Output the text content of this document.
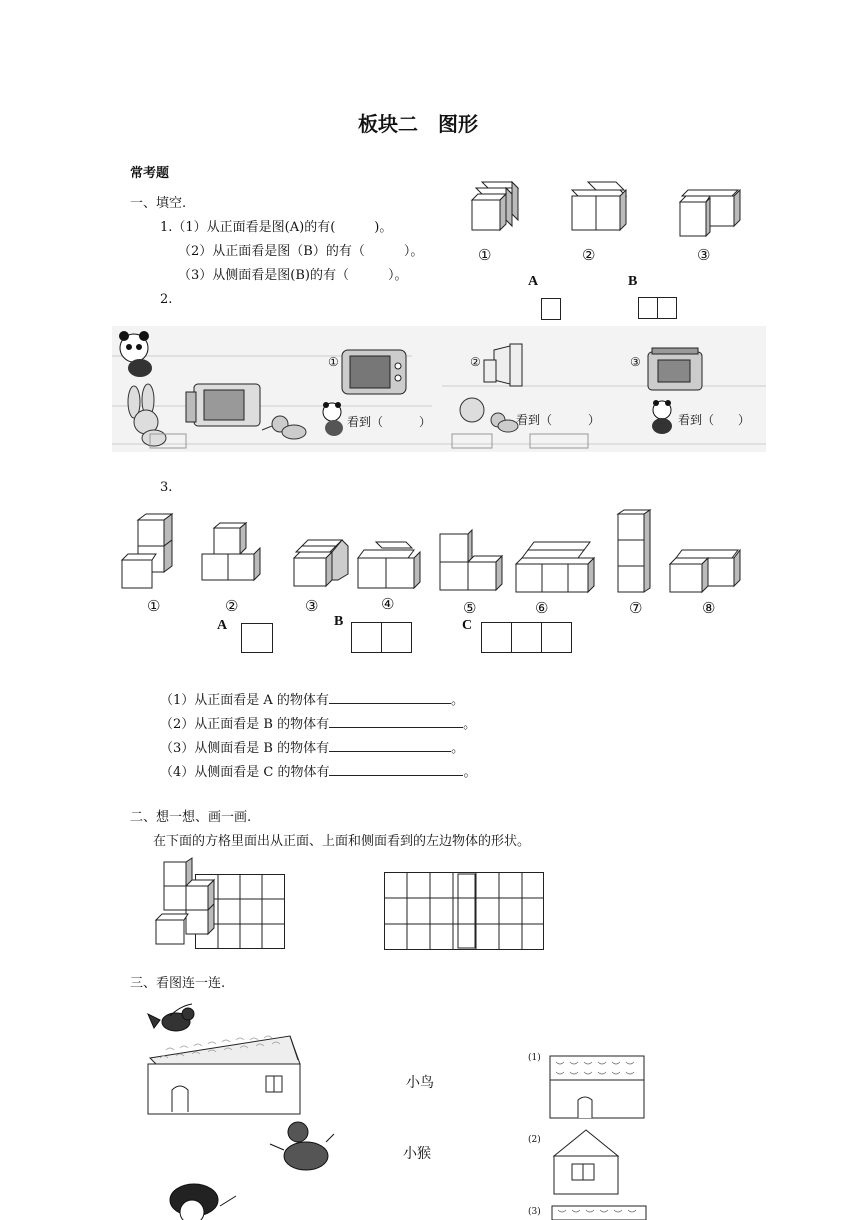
板块二　图形
常考题
一、填空.
1.（1）从正面看是图(A)的有(　　　)。
（2）从正面看是图（B）的有（　　　）。
（3）从侧面看是图(B)的有（　　　）。
2.
①	②	③
A	B
①	②	③
看到（　　　）	看到（　　　）	看到（　　）
3.
①	②	③	④	⑤	⑥	⑦	⑧
A	B	C
（1）从正面看是 A 的物体有	。
（2）从正面看是 B 的物体有	。
（3）从侧面看是 B 的物体有	。
（4）从侧面看是 C 的物体有	。
二、想一想、画一画.
在下面的方格里面出从正面、上面和侧面看到的左边物体的形状。
三、看图连一连.
小鸟
小猴
(1)
(2)
(3)
